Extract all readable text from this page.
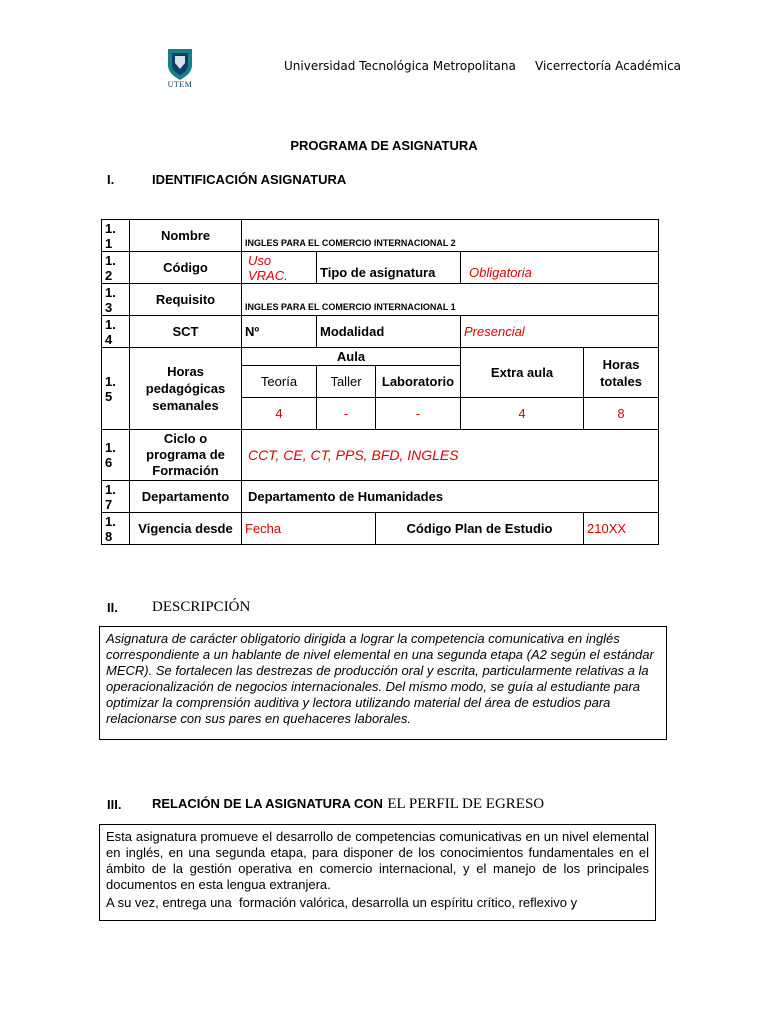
UTEM
Universidad Tecnológica Metropolitana Vicerrectoría Académica
PROGRAMA DE ASIGNATURA
I.	IDENTIFICACIÓN ASIGNATURA
1.
1	Nombre	INGLES PARA EL COMERCIO INTERNACIONAL 2				
1.
2	Código	Uso VRAC.	Tipo de asignatura		Obligatoria	
1.
3	Requisito	INGLES PARA EL COMERCIO INTERNACIONAL 1				
1.
4	SCT	Nº	Modalidad		Presencial	
1.
5	Horas pedagógicas semanales	Aula			Extra aula	Horas totales
		Teoría	Taller	Laboratorio		
		4	-	-	4	8
1.
6	Ciclo o programa de Formación	CCT, CE, CT, PPS, BFD, INGLES				
1.
7	Departamento	Departamento de Humanidades				
1.
8	Vigencia desde	Fecha		Código Plan de Estudio		210XX
II. DESCRIPCIÓN
Asignatura de carácter obligatorio dirigida a lograr la competencia comunicativa en inglés correspondiente a un hablante de nivel elemental en una segunda etapa (A2 según el estándar MECR). Se fortalecen las destrezas de producción oral y escrita, particularmente relativas a la operacionalización de negocios internacionales. Del mismo modo, se guía al estudiante para optimizar la comprensión auditiva y lectora utilizando material del área de estudios para relacionarse con sus pares en quehaceres laborales.
III. RELACIÓN DE LA ASIGNATURA CON EL PERFIL DE EGRESO
Esta asignatura promueve el desarrollo de competencias comunicativas en un nivel elemental en inglés, en una segunda etapa, para disponer de los conocimientos fundamentales en el ámbito de la gestión operativa en comercio internacional, y el manejo de los principales documentos en esta lengua extranjera.
A su vez, entrega una  formación valórica, desarrolla un espíritu crítico, reflexivo y
